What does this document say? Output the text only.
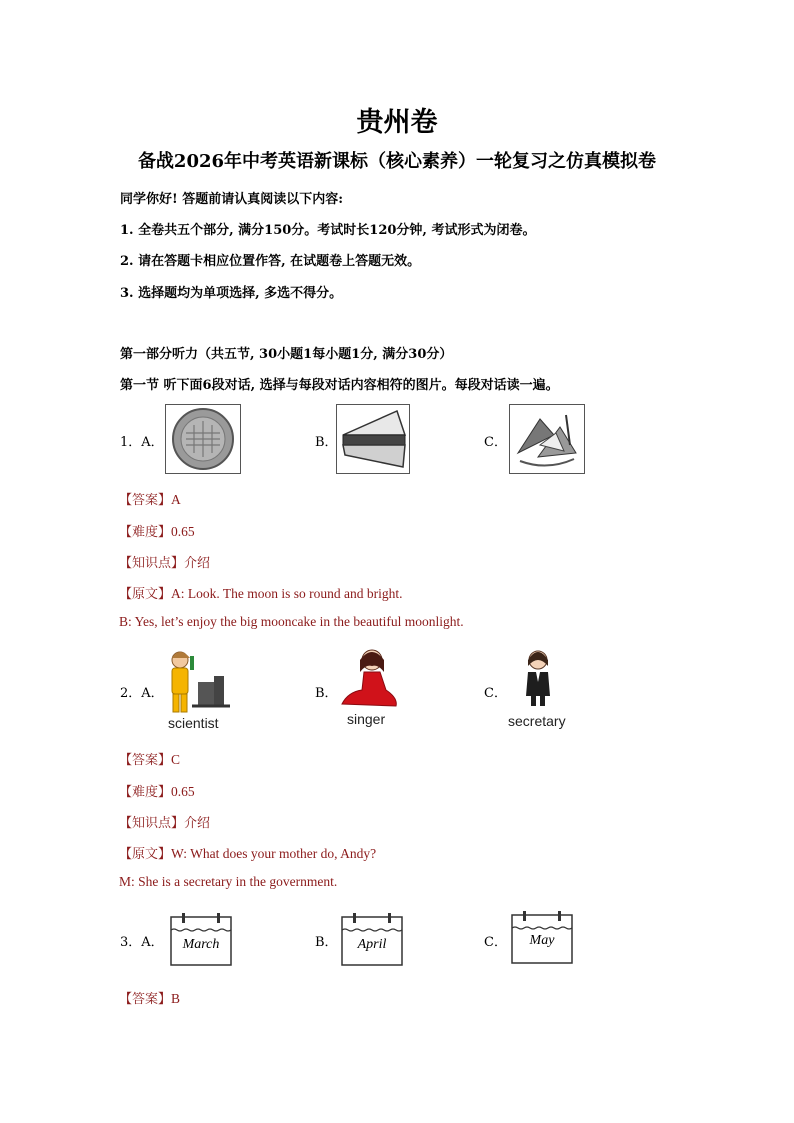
贵州卷
备战2026年中考英语新课标（核心素养）一轮复习之仿真模拟卷
同学你好! 答题前请认真阅读以下内容:
1. 全卷共五个部分, 满分150分。考试时长120分钟, 考试形式为闭卷。
2. 请在答题卡相应位置作答, 在试题卷上答题无效。
3. 选择题均为单项选择, 多选不得分。
第一部分听力（共五节, 30小题1每小题1分, 满分30分）
第一节 听下面6段对话, 选择与每段对话内容相符的图片。每段对话读一遍。
1．A．	B．	C．
【答案】A
【难度】0.65
【知识点】介绍
【原文】A: Look. The moon is so round and bright.
B: Yes, let’s enjoy the big mooncake in the beautiful moonlight.
2．A．
scientist
B．
singer
C．
secretary
【答案】C
【难度】0.65
【知识点】介绍
【原文】W: What does your mother do, Andy?
M: She is a secretary in the government.
3．A．	March	B．	April	C．	May
【答案】B
